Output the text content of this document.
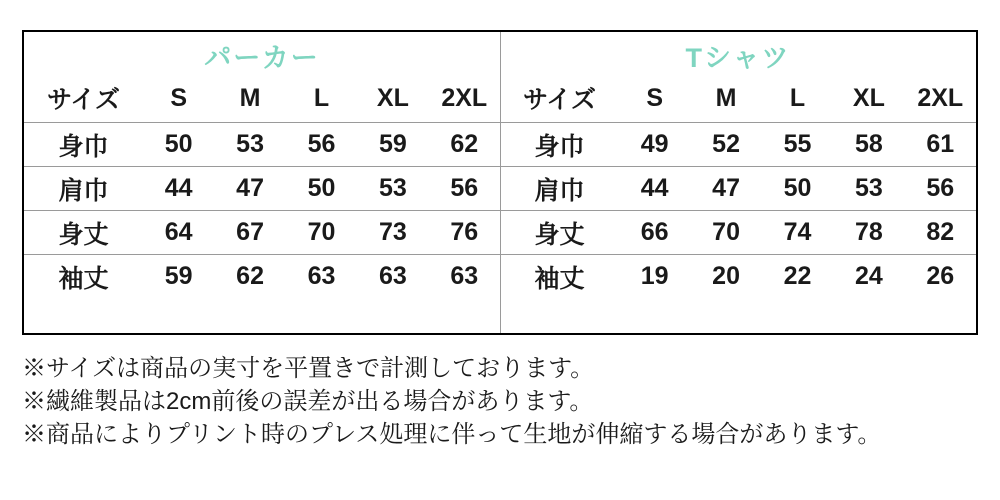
パーカー
サイズ	S	M	L	XL	2XL
身巾	50	53	56	59	62
肩巾	44	47	50	53	56
身丈	64	67	70	73	76
袖丈	59	62	63	63	63
Tシャツ
サイズ	S	M	L	XL	2XL
身巾	49	52	55	58	61
肩巾	44	47	50	53	56
身丈	66	70	74	78	82
袖丈	19	20	22	24	26
※サイズは商品の実寸を平置きで計測しております。
※繊維製品は2cm前後の誤差が出る場合があります。
※商品によりプリント時のプレス処理に伴って生地が伸縮する場合があります。
